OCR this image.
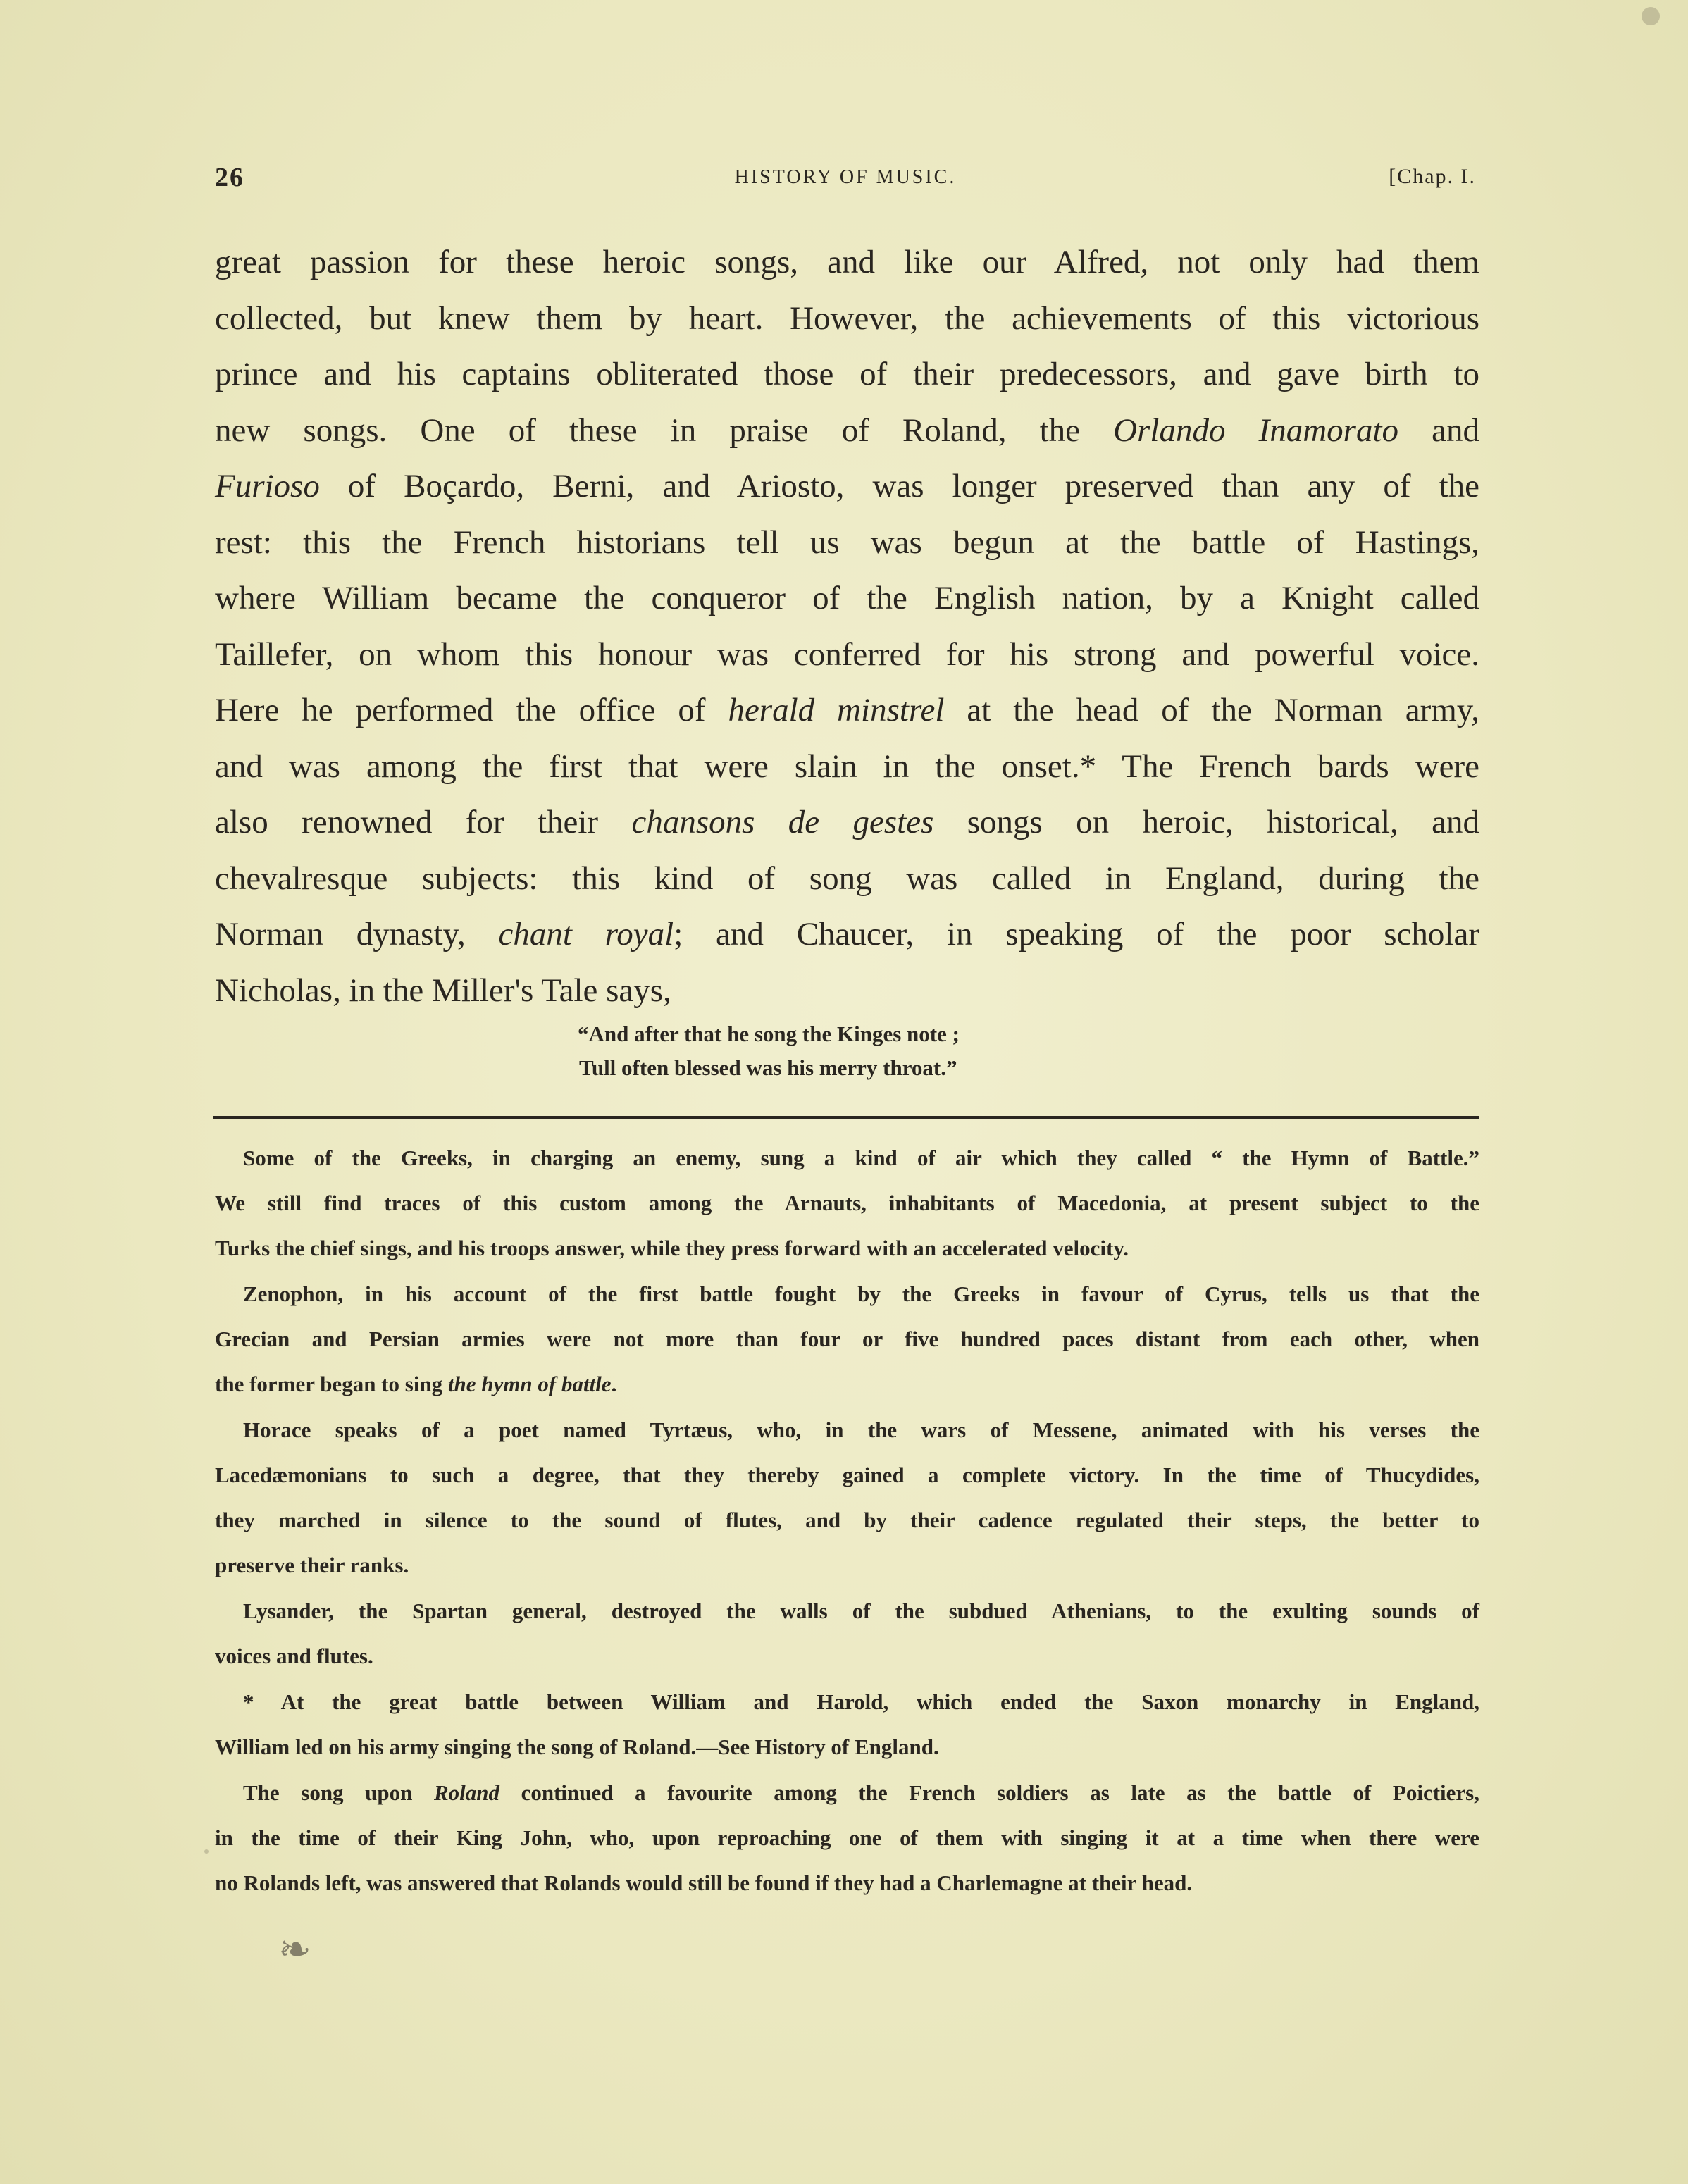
26	HISTORY OF MUSIC.	[Chap. I.

great passion for these heroic songs, and like our Alfred, not only had them
collected, but knew them by heart. However, the achievements of this victorious
prince and his captains obliterated those of their predecessors, and gave birth to
new songs. One of these in praise of Roland, the Orlando Inamorato and
Furioso of Boçardo, Berni, and Ariosto, was longer preserved than any of the
rest: this the French historians tell us was begun at the battle of Hastings,
where William became the conqueror of the English nation, by a Knight called
Taillefer, on whom this honour was conferred for his strong and powerful voice.
Here he performed the office of herald minstrel at the head of the Norman army,
and was among the first that were slain in the onset.* The French bards were
also renowned for their chansons de gestes songs on heroic, historical, and
chevalresque subjects: this kind of song was called in England, during the
Norman dynasty, chant royal; and Chaucer, in speaking of the poor scholar
Nicholas, in the Miller's Tale says,

“And after that he song the Kinges note ;
Tull often blessed was his merry throat.”
Some of the Greeks, in charging an enemy, sung a kind of air which they called “ the Hymn of Battle.”
We still find traces of this custom among the Arnauts, inhabitants of Macedonia, at present subject to the
Turks the chief sings, and his troops answer, while they press forward with an accelerated velocity.
Zenophon, in his account of the first battle fought by the Greeks in favour of Cyrus, tells us that the
Grecian and Persian armies were not more than four or five hundred paces distant from each other, when
the former began to sing the hymn of battle.
Horace speaks of a poet named Tyrtæus, who, in the wars of Messene, animated with his verses the
Lacedæmonians to such a degree, that they thereby gained a complete victory. In the time of Thucydides,
they marched in silence to the sound of flutes, and by their cadence regulated their steps, the better to
preserve their ranks.
Lysander, the Spartan general, destroyed the walls of the subdued Athenians, to the exulting sounds of
voices and flutes.
* At the great battle between William and Harold, which ended the Saxon monarchy in England,
William led on his army singing the song of Roland.—See History of England.
The song upon Roland continued a favourite among the French soldiers as late as the battle of Poictiers,
in the time of their King John, who, upon reproaching one of them with singing it at a time when there were
no Rolands left, was answered that Rolands would still be found if they had a Charlemagne at their head.
❧
